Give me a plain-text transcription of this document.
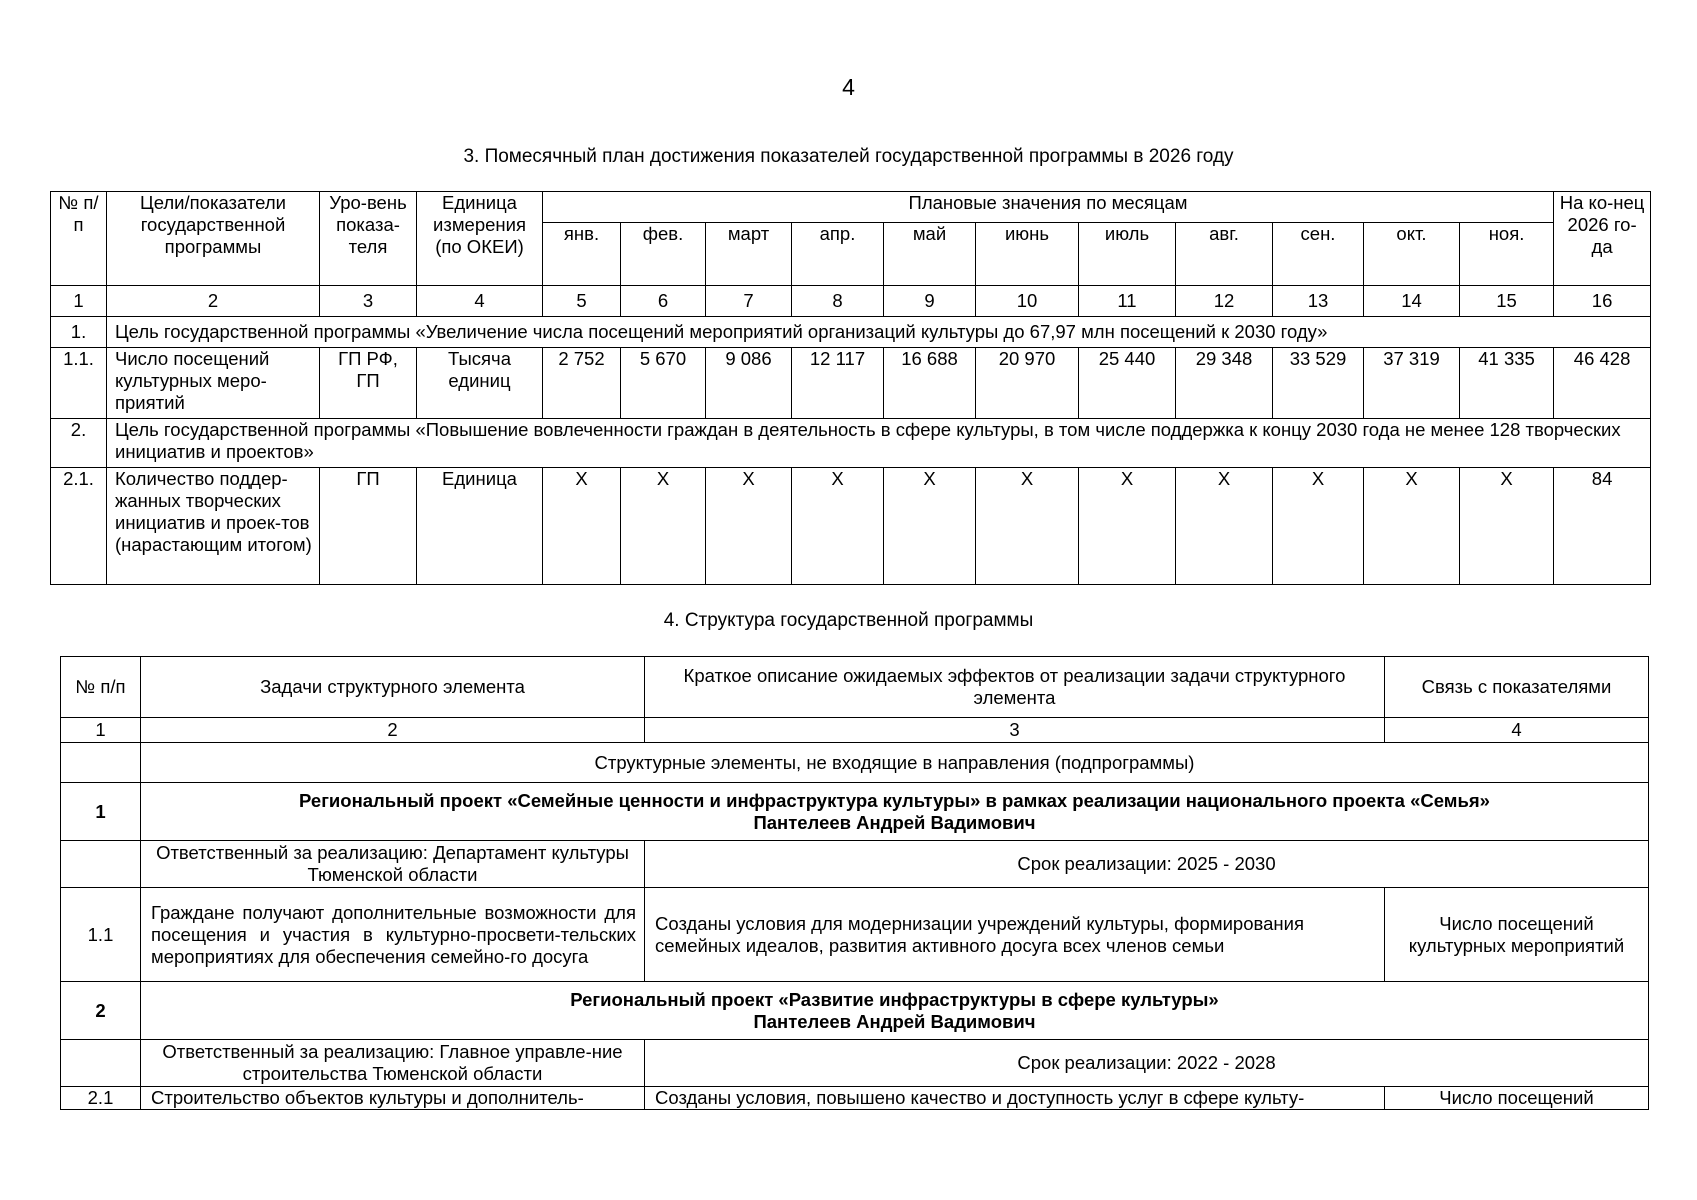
4
3. Помесячный план достижения показателей государственной программы в 2026 году
№ п/п	Цели/показатели государственной программы	Уро-вень показа-теля	Единица измерения (по ОКЕИ)	Плановые значения по месяцам											На ко-нец 2026 го-да
				янв.	фев.	март	апр.	май	июнь	июль	авг.	сен.	окт.	ноя.	
1	2	3	4	5	6	7	8	9	10	11	12	13	14	15	16
1.	Цель государственной программы «Увеличение числа посещений мероприятий организаций культуры до 67,97 млн посещений к 2030 году»														
1.1.	Число посещений культурных меро-приятий	ГП РФ, ГП	Тысяча единиц	2 752	5 670	9 086	12 117	16 688	20 970	25 440	29 348	33 529	37 319	41 335	46 428
2.	Цель государственной программы «Повышение вовлеченности граждан в деятельность в сфере культуры, в том числе поддержка к концу 2030 года не менее 128 творческих инициатив и проектов»														
2.1.	Количество поддер-жанных творческих инициатив и проек-тов (нарастающим итогом)	ГП	Единица	X	X	X	X	X	X	X	X	X	X	X	84
4. Структура государственной программы
№ п/п	Задачи структурного элемента	Краткое описание ожидаемых эффектов от реализации задачи структурного элемента	Связь с показателями
1	2	3	4
	Структурные элементы, не входящие в направления (подпрограммы)		
1	Региональный проект «Семейные ценности и инфраструктура культуры» в рамках реализации национального проекта «Семья»
Пантелеев Андрей Вадимович		

	Ответственный за реализацию: Департамент культуры Тюменской области	Срок реализации: 2025 - 2030	
1.1	Граждане получают дополнительные возможности для посещения и участия в культурно-просвети-тельских мероприятиях для обеспечения семейно-го досуга	Созданы условия для модернизации учреждений культуры, формирования семейных идеалов, развития активного досуга всех членов семьи	Число посещений культурных мероприятий
2	Региональный проект «Развитие инфраструктуры в сфере культуры»
Пантелеев Андрей Вадимович		

	Ответственный за реализацию: Главное управле-ние строительства Тюменской области	Срок реализации: 2022 - 2028	
2.1	Строительство объектов культуры и дополнитель-	Созданы условия, повышено качество и доступность услуг в сфере культу-	Число посещений
